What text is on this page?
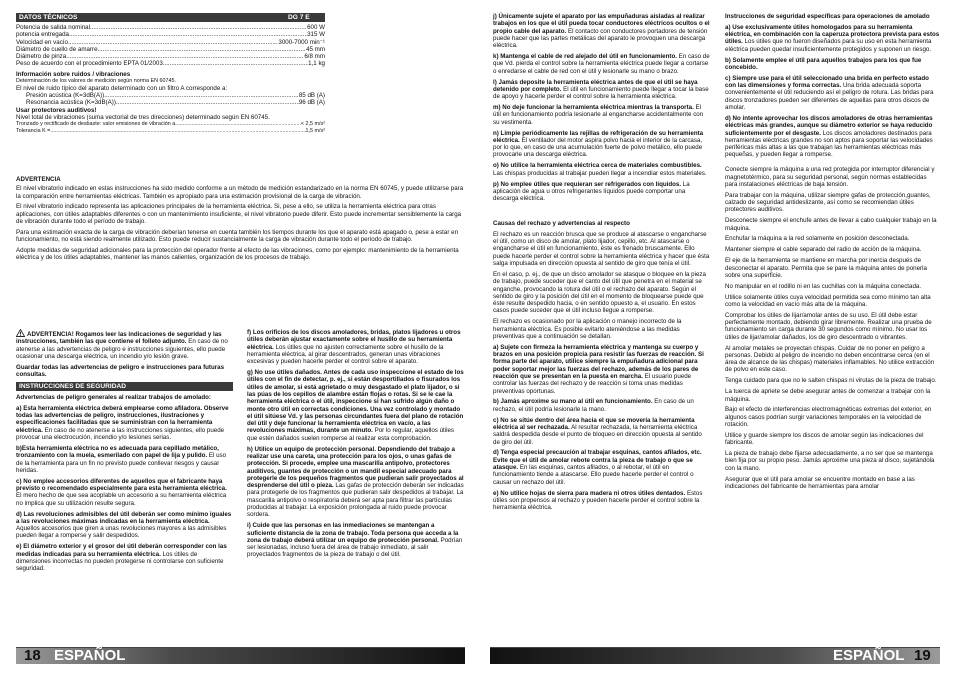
DATOS TÉCNICOS	DG 7 E
Potencia de salida nominal .....	600 W
potencia entregada .....	315 W
Velocidad en vacío .....	3000-7000 min⁻¹
Diámetro de cuello de amarre .....	45 mm
Diámetro de pinza .....	6/8 mm
Peso de acuerdo con el procedimiento EPTA 01/2003 .....	1,1 kg
Información sobre ruidos / vibraciones
Determinación de los valores de medición según norma EN 60745.
El nivel de ruido típico del aparato determinado con un filtro A corresponde a:
Presión acústica (K=3dB(A)) .....	85 dB (A)
Resonancia acústica (K=3dB(A)) .....	96 dB (A)
Usar protectores auditivos!
Nivel total de vibraciones (suma vectorial de tres direcciones) determinado según EN 60745.
Tronzado y rectificado de desbaste: valor emisiones de vibración a .....	< 2,5 m/s²
Tolerancia K = .....	1,5 m/s²

ADVERTENCIA

El nivel vibratorio indicado en estas instrucciones ha sido medido conforme a un método de medición estandarizado en la norma EN 60745, y puede utilizarse para la comparación entre herramientas eléctricas. También es apropiado para una estimación provisional de la carga de vibración.

El nivel vibratorio indicado representa las aplicaciones principales de la herramienta eléctrica. Si, pese a ello, se utiliza la herramienta eléctrica para otras aplicaciones, con útiles adaptables diferentes o con un mantenimiento insuficiente, el nivel vibratorio puede diferir. Esto puede incrementar sensiblemente la carga de vibración durante todo el período de trabajo.

Para una estimación exacta de la carga de vibración deberían tenerse en cuenta también los tiempos durante los que el aparato está apagado o, pese a estar en funcionamiento, no está siendo realmente utilizado. Esto puede reducir sustancialmente la carga de vibración durante todo el período de trabajo.

Adopte medidas de seguridad adicionales para la protección del operador frente al efecto de las vibraciones, como por ejemplo: mantenimiento de la herramienta eléctrica y de los útiles adaptables, mantener las manos calientes, organización de los procesos de trabajo.

ADVERTENCIA! Rogamos leer las indicaciones de seguridad y las instrucciones, también las que contiene el folleto adjunto. En caso de no atenerse a las advertencias de peligro e instrucciones siguientes, ello puede ocasionar una descarga eléctrica, un incendio y/o lesión grave.

Guardar todas las advertencias de peligro e instrucciones para futuras consultas.

INSTRUCCIONES DE SEGURIDAD

Advertencias de peligro generales al realizar trabajos de amolado:

a) Esta herramienta eléctrica deberá emplearse como afiladora. Observe todas las advertencias de peligro, instrucciones, ilustraciones y especificaciones facilitadas que se suministran con la herramienta eléctrica. En caso de no atenerse a las instrucciones siguientes, ello puede provocar una electrocución, incendio y/o lesiones serias.

b)Esta herramienta eléctrica no es adecuada para cepillado metálico, tronzamiento con la muela, esmerilado con papel de lija y pulido. El uso de la herramienta para un fin no previsto puede conllevar riesgos y causar heridas.

c) No emplee accesorios diferentes de aquellos que el fabricante haya previsto o recomendado especialmente para esta herramienta eléctrica. El mero hecho de que sea acoplable un accesorio a su herramienta eléctrica no implica que su utilización resulte segura.

d) Las revoluciones admisibles del útil deberán ser como mínimo iguales a las revoluciones máximas indicadas en la herramienta eléctrica. Aquellos accesorios que giren a unas revoluciones mayores a las admisibles pueden llegar a romperse y salir despedidos.

e) El diámetro exterior y el grosor del útil deberán corresponder con las medidas indicadas para su herramienta eléctrica. Los útiles de dimensiones incorrectas no pueden protegerse ni controlarse con suficiente seguridad.

f) Los orificios de los discos amoladores, bridas, platos lijadores u otros útiles deberán ajustar exactamente sobre el husillo de su herramienta eléctrica. Los útiles que no ajusten correctamente sobre el husillo de la herramienta eléctrica, al girar descentrados, generan unas vibraciones excesivas y pueden hacerle perder el control sobre el aparato.

g) No use útiles dañados. Antes de cada uso inspeccione el estado de los útiles con el fin de detectar, p. ej., si están desportillados o fisurados los útiles de amolar, si está agrietado o muy desgastado el plato lijador, o si las púas de los cepillos de alambre están flojas o rotas. Si se le cae la herramienta eléctrica o el útil, inspeccione si han sufrido algún daño o monte otro útil en correctas condiciones. Una vez controlado y montado el útil sitúese Vd. y las personas circundantes fuera del plano de rotación del útil y deje funcionar la herramienta eléctrica en vacío, a las revoluciones máximas, durante un minuto. Por lo regular, aquellos útiles que estén dañados suelen romperse al realizar esta comprobación.

h) Utilice un equipo de protección personal. Dependiendo del trabajo a realizar use una careta, una protección para los ojos, o unas gafas de protección. Si procede, emplee una mascarilla antipolvo, protectores auditivos, guantes de protección o un mandil especial adecuado para protegerle de los pequeños fragmentos que pudieran salir proyectados al desprenderse del útil o pieza. Las gafas de protección deberán ser indicadas para protegerle de los fragmentos que pudieran salir despedidos al trabajar. La mascarilla antipolvo o respiratoria deberá ser apta para filtrar las partículas producidas al trabajar. La exposición prolongada al ruido puede provocar sordera.

i) Cuide que las personas en las inmediaciones se mantengan a suficiente distancia de la zona de trabajo. Toda persona que acceda a la zona de trabajo deberá utilizar un equipo de protección personal. Podrían ser lesionadas, incluso fuera del área de trabajo inmediato, al salir proyectados fragmentos de la pieza de trabajo o del útil.

18 ESPAÑOL

j) Únicamente sujete el aparato por las empuñaduras aisladas al realizar trabajos en los que el útil pueda tocar conductores eléctricos ocultos o el propio cable del aparato. El contacto con conductores portadores de tensión puede hacer que las partes metálicas del aparato le provoquen una descarga eléctrica.

k) Mantenga el cable de red alejado del útil en funcionamiento. En caso de que Vd. pierda el control sobre la herramienta eléctrica puede llegar a cortarse o enredarse el cable de red con el útil y lesionarle su mano o brazo.

l) Jamás deposite la herramienta eléctrica antes de que el útil se haya detenido por completo. El útil en funcionamiento puede llegar a tocar la base de apoyo y hacerle perder el control sobre la herramienta eléctrica.

m) No deje funcionar la herramienta eléctrica mientras la transporta. El útil en funcionamiento podría lesionarle al engancharse accidentalmente con su vestimenta.

n) Limpie periódicamente las rejillas de refrigeración de su herramienta eléctrica. El ventilador del motor aspira polvo hacia el interior de la carcasa, por lo que, en caso de una acumulación fuerte de polvo metálico, ello puede provocarle una descarga eléctrica.

o) No utilice la herramienta eléctrica cerca de materiales combustibles. Las chispas producidas al trabajar pueden llegar a incendiar estos materiales.

p) No emplee útiles que requieran ser refrigerados con líquidos. La aplicación de agua u otros refrigerantes líquidos puede comportar una descarga eléctrica.

Causas del rechazo y advertencias al respecto

El rechazo es un reacción brusca que se produce al atascarse o engancharse el útil, como un disco de amolar, plato lijador, cepillo, etc. Al atascarse o engancharse el útil en funcionamiento, éste es frenado bruscamente. Ello puede hacerle perder el control sobre la herramienta eléctrica y hacer que ésta salga impulsada en dirección opuesta al sentido de giro que tenía el útil.

En el caso, p. ej., de que un disco amolador se atasque o bloquee en la pieza de trabajo, puede suceder que el canto del útil que penetra en el material se enganche, provocando la rotura del útil o el rechazo del aparato. Según el sentido de giro y la posición del útil en el momento de bloquearse puede que éste resulte despedido hacia, o en sentido opuesto a, el usuario. En estos casos puede suceder que el útil incluso llegue a romperse.

El rechazo es ocasionado por la aplicación o manejo incorrecto de la herramienta eléctrica. Es posible evitarlo ateniéndose a las medidas preventivas que a continuación se detallan.

a) Sujete con firmeza la herramienta eléctrica y mantenga su cuerpo y brazos en una posición propicia para resistir las fuerzas de reacción. Si forma parte del aparato, utilice siempre la empuñadura adicional para poder soportar mejor las fuerzas del rechazo, además de los pares de reacción que se presentan en la puesta en marcha. El usuario puede controlar las fuerzas del rechazo y de reacción si toma unas medidas preventivas oportunas.

b) Jamás aproxime su mano al útil en funcionamiento. En caso de un rechazo, el útil podría lesionarle la mano.

c) No se sitúe dentro del área hacia el que se movería la herramienta eléctrica al ser rechazada. Al resultar rechazada, la herramienta eléctrica saldrá despedida desde el punto de bloqueo en dirección opuesta al sentido de giro del útil.

d) Tenga especial precaución al trabajar esquinas, cantos afilados, etc. Evite que el útil de amolar rebote contra la pieza de trabajo o que se atasque. En las esquinas, cantos afilados, o al rebotar, el útil en funcionamiento tiende a atascarse. Ello puede hacerle perder el control o causar un rechazo del útil.

e) No utilice hojas de sierra para madera ni otros útiles dentados. Estos útiles son propensos al rechazo y pueden hacerle perder el control sobre la herramienta eléctrica.

Instrucciones de seguridad específicas para operaciones de amolado

a) Use exclusivamente útiles homologados para su herramienta eléctrica, en combinación con la caperuza protectora prevista para estos útiles. Los útiles que no fueron diseñados para su uso en esta herramienta eléctrica pueden quedar insuficientemente protegidos y suponen un riesgo.

b) Solamente emplee el útil para aquellos trabajos para los que fue concebido.

c) Siempre use para el útil seleccionado una brida en perfecto estado con las dimensiones y forma correctas. Una brida adecuada soporta convenientemente el útil reduciendo así el peligro de rotura. Las bridas para discos tronzadores pueden ser diferentes de aquellas para otros discos de amolar.

d) No intente aprovechar los discos amoladores de otras herramientas eléctricas más grandes, aunque su diámetro exterior se haya reducido suficientemente por el desgaste. Los discos amoladores destinados para herramientas eléctricas grandes no son aptos para soportar las velocidades periféricas más altas a las que trabajan las herramientas eléctricas más pequeñas, y pueden llegar a romperse.

Conecte siempre la máquina a una red protegida por interruptor diferencial y magnetotérmico, para su seguridad personal, según normas establecidas para instalaciones eléctricas de baja tensión.

Para trabajar con la máquina, utilizar siempre gafas de protección,guantes, calzado de seguridad antideslizante, así como se recomiendan útiles protectores auditivos.

Desconecte siempre el enchufe antes de llevar a cabo cualquier trabajo en la máquina.

Enchufar la máquina a la red solamente en posición desconectada.

Mantener siempre el cable separado del radio de acción de la máquina.

El eje de la herramienta se mantiene en marcha por inercia después de desconectar el aparato. Permita que se pare la máquina antes de ponerla sobre una superficie.

No manipular en el rodillo ni en las cuchillas con la máquina conectada.

Utilice solamente útiles cuya velocidad permitida sea como mínimo tan alta como la velocidad en vacío más alta de la máquina.

Comprobar los útiles de lijar/amolar antes de su uso. El útil debe estar perfectamente montado, debiendo girar libremente. Realizar una prueba de funcionamiento sin carga durante 30 segundos como mínimo. No usar los útiles de lijar/amolar dañados, los de giro descentrado o vibrantes.

Al amolar metales se proyectan chispas. Cuidar de no poner en peligro a personas. Debido al peligro de incendio no deben encontrarse cerca (en el área de alcance de las chispas) materiales inflamables. No utilice extracción de polvo en este caso.

Tenga cuidado para que no le salten chispas ni virutas de la pieza de trabajo.

La tuerca de apriete se debe asegurar antes de comenzar a trabajar con la máquina.

Bajo el efecto de interferencias electromagnéticas extremas del exterior, en algunos casos podrían surgir variaciones temporales en la velocidad de rotación.

Utilice y guarde siempre los discos de amolar según las indicaciones del fabricante.

La pieza de trabajo debe fijarse adecuadamente, a no ser que se mantenga bien fija por su propio peso. Jamás aproxime una pieza al disco, sujetándola con la mano.

Asegurar que el útil para amolar se encuentre montado en base a las indicaciones del fabricante de herramientas para amolar

ESPAÑOL 19
